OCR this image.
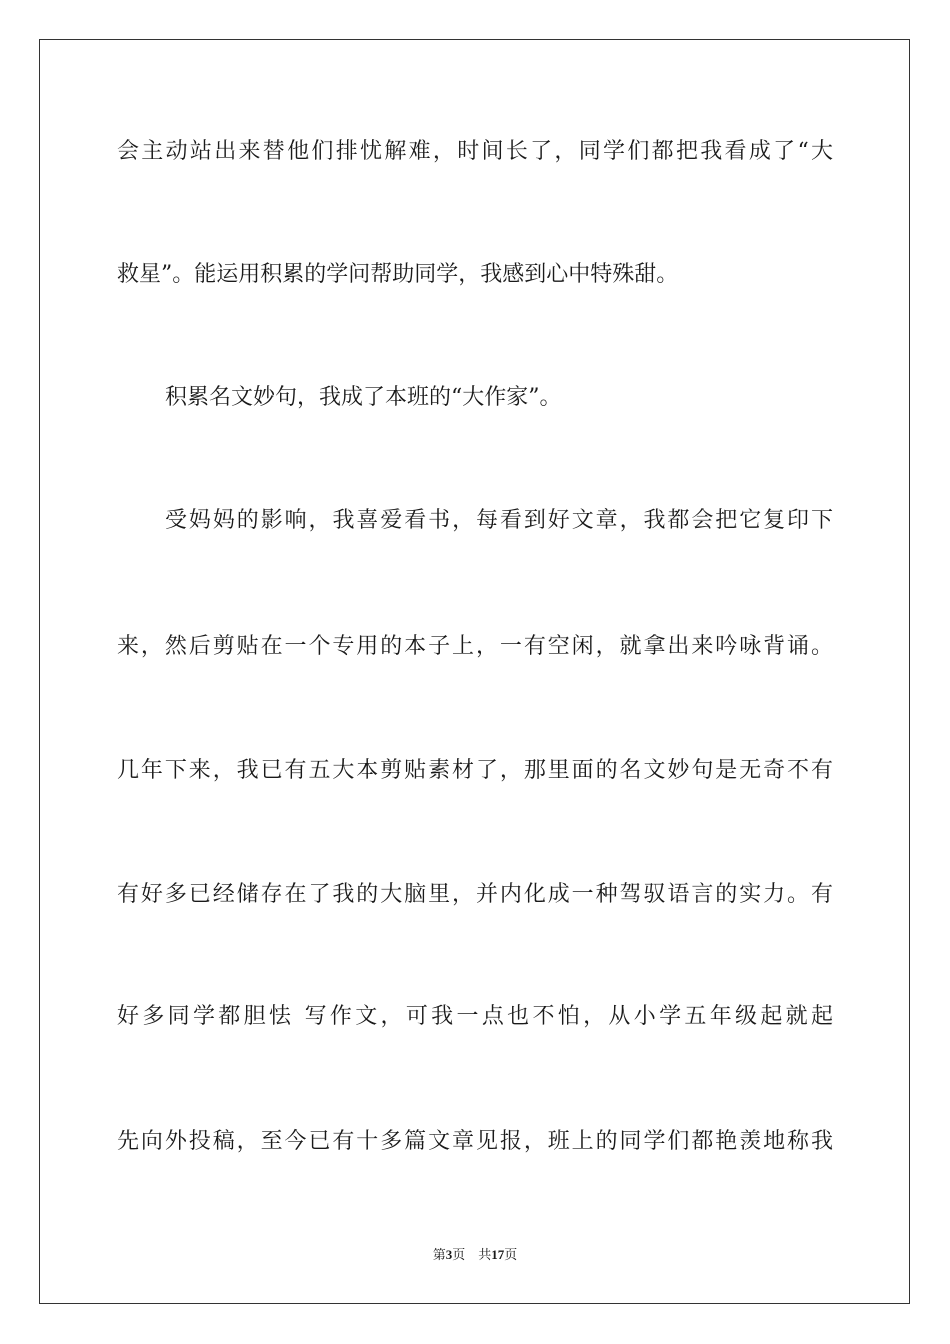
会主动站出来替他们排忧解难，时间长了，同学们都把我看成了“大
救星”。能运用积累的学问帮助同学，我感到心中特殊甜。
积累名文妙句，我成了本班的“大作家”。
受妈妈的影响，我喜爱看书，每看到好文章，我都会把它复印下
来，然后剪贴在一个专用的本子上，一有空闲，就拿出来吟咏背诵。
几年下来，我已有五大本剪贴素材了，那里面的名文妙句是无奇不有
有好多已经储存在了我的大脑里，并内化成一种驾驭语言的实力。有
好多同学都胆怯 写作文，可我一点也不怕，从小学五年级起就起
先向外投稿，至今已有十多篇文章见报，班上的同学们都艳羡地称我
第3页 共17页
